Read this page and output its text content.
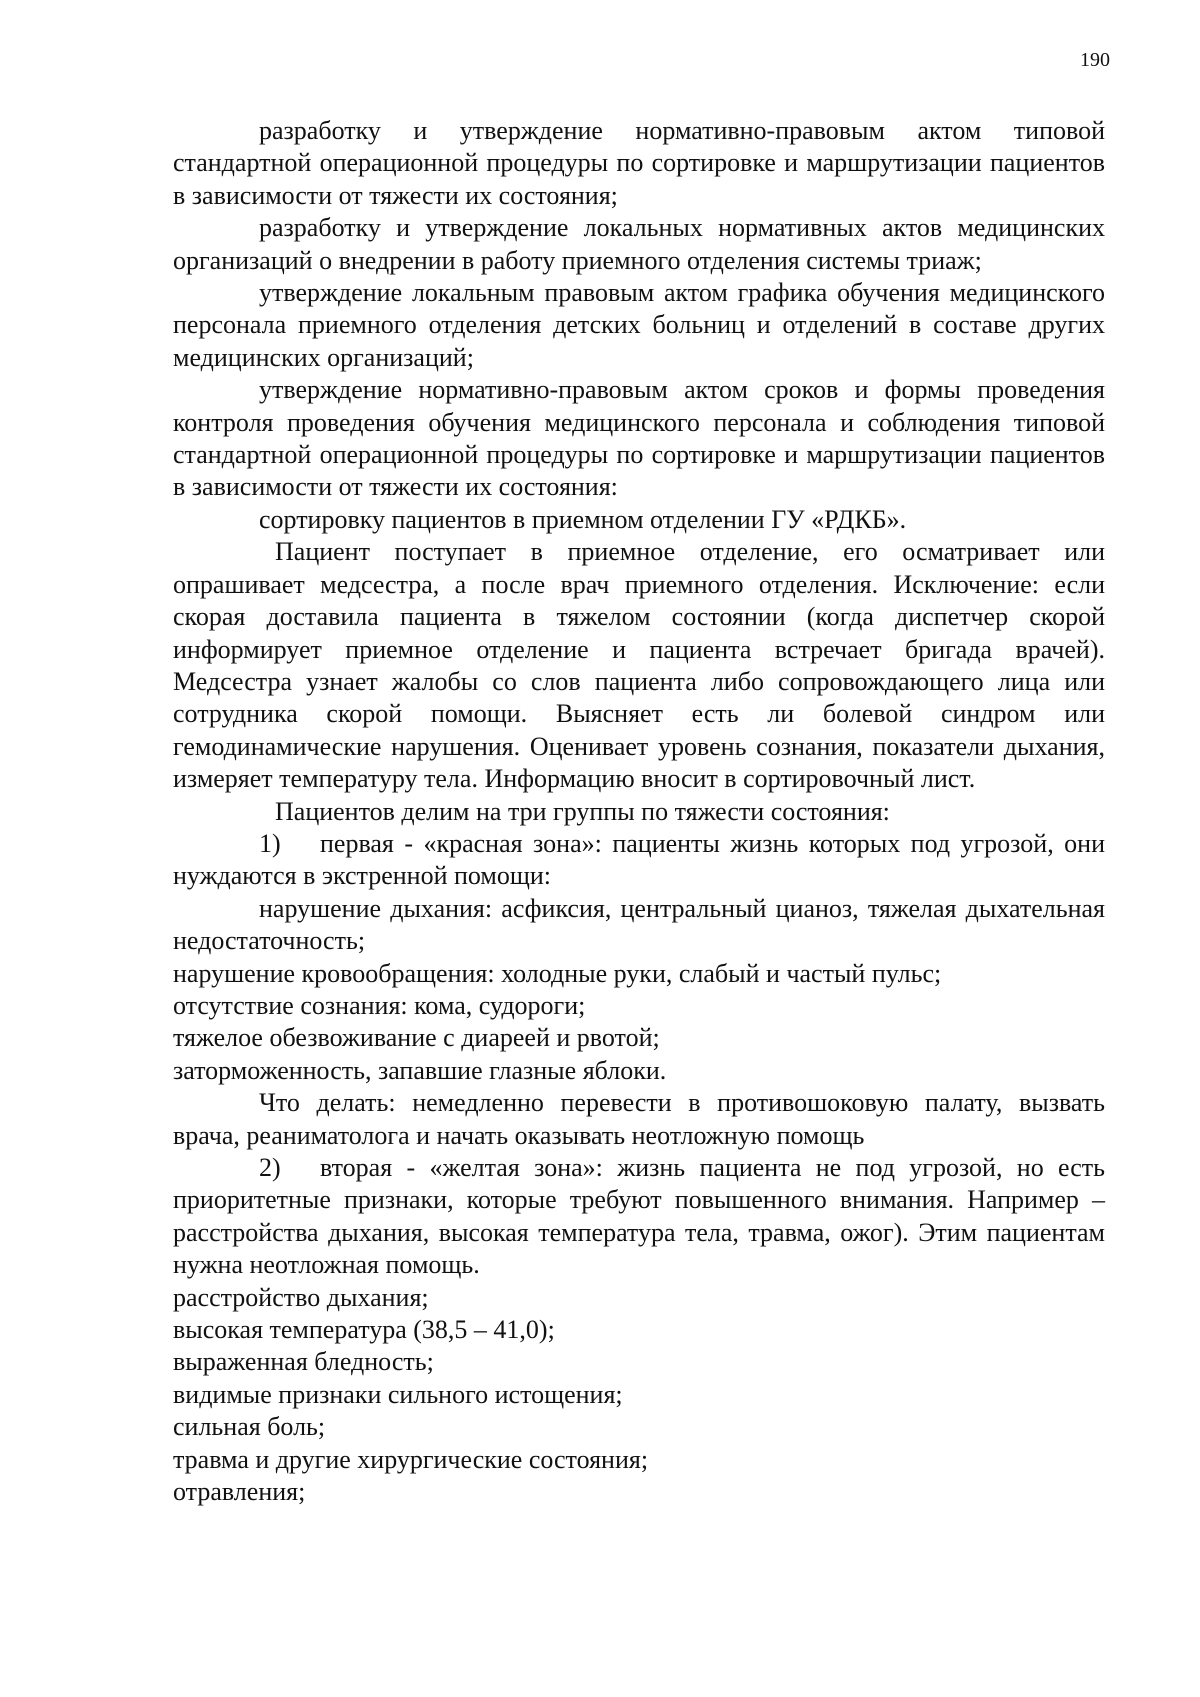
190

разработку и утверждение нормативно-правовым актом типовой стандартной операционной процедуры по сортировке и маршрутизации пациентов в зависимости от тяжести их состояния;

разработку и утверждение локальных нормативных актов медицинских организаций о внедрении в работу приемного отделения системы триаж;

утверждение локальным правовым актом графика обучения медицинского персонала приемного отделения детских больниц и отделений в составе других медицинских организаций;

утверждение нормативно-правовым актом сроков и формы проведения контроля проведения обучения медицинского персонала и соблюдения типовой стандартной операционной процедуры по сортировке и маршрутизации пациентов в зависимости от тяжести их состояния:

сортировку пациентов в приемном отделении ГУ «РДКБ».

Пациент поступает в приемное отделение, его осматривает или опрашивает медсестра, а после врач приемного отделения. Исключение: если скорая доставила пациента в тяжелом состоянии (когда диспетчер скорой информирует приемное отделение и пациента встречает бригада врачей). Медсестра узнает жалобы со слов пациента либо сопровождающего лица или сотрудника скорой помощи. Выясняет есть ли болевой синдром или гемодинамические нарушения. Оценивает уровень сознания, показатели дыхания, измеряет температуру тела. Информацию вносит в сортировочный лист.

Пациентов делим на три группы по тяжести состояния:

1) первая - «красная зона»: пациенты жизнь которых под угрозой, они нуждаются в экстренной помощи:

нарушение дыхания: асфиксия, центральный цианоз, тяжелая дыхательная недостаточность;

нарушение кровообращения: холодные руки, слабый и частый пульс;

отсутствие сознания: кома, судороги;

тяжелое обезвоживание с диареей и рвотой;

заторможенность, запавшие глазные яблоки.

Что делать: немедленно перевести в противошоковую палату, вызвать врача, реаниматолога и начать оказывать неотложную помощь

2) вторая - «желтая зона»: жизнь пациента не под угрозой, но есть приоритетные признаки, которые требуют повышенного внимания. Например – расстройства дыхания, высокая температура тела, травма, ожог). Этим пациентам нужна неотложная помощь.

расстройство дыхания;

высокая температура (38,5 – 41,0);

выраженная бледность;

видимые признаки сильного истощения;

сильная боль;

травма и другие хирургические состояния;

отравления;
